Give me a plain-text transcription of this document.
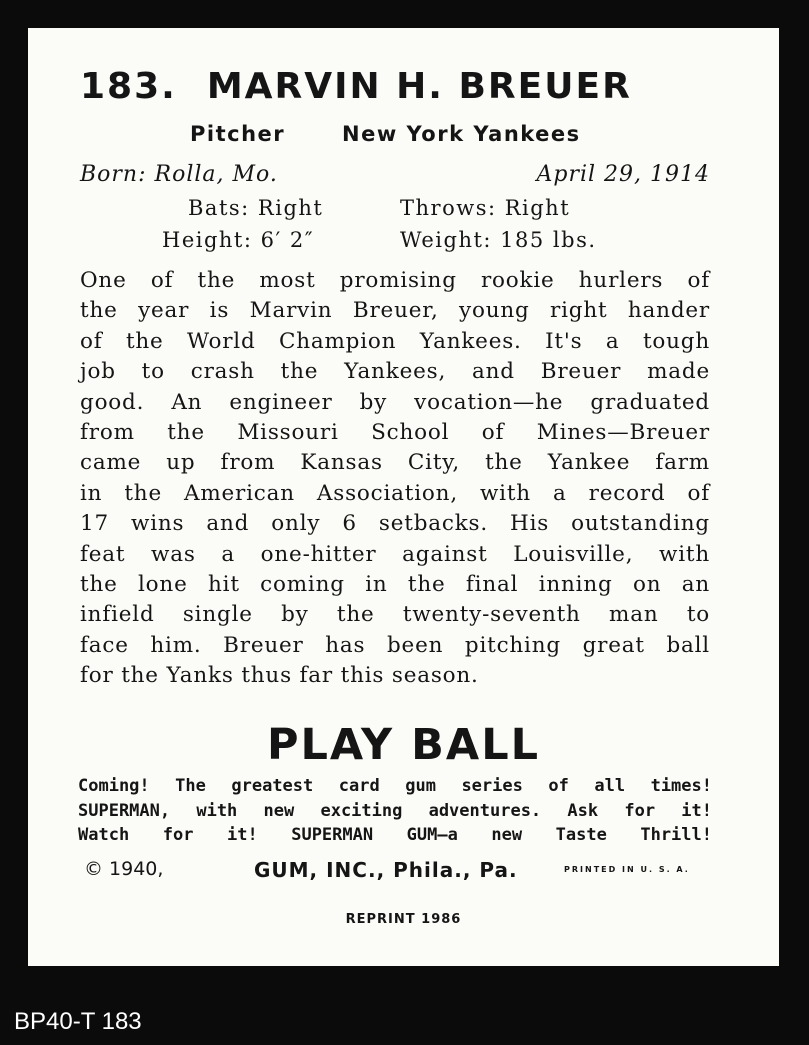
183. MARVIN H. BREUER
Pitcher	New York Yankees
Born: Rolla, Mo.	April 29, 1914
Bats: Right	Throws: Right
Height: 6′ 2″	Weight: 185 lbs.
One of the most promising rookie hurlers of
the year is Marvin Breuer, young right hander
of the World Champion Yankees. It's a tough
job to crash the Yankees, and Breuer made
good. An engineer by vocation—he graduated
from the Missouri School of Mines—Breuer
came up from Kansas City, the Yankee farm
in the American Association, with a record of
17 wins and only 6 setbacks. His outstanding
feat was a one-hitter against Louisville, with
the lone hit coming in the final inning on an
infield single by the twenty-seventh man to
face him. Breuer has been pitching great ball
for the Yanks thus far this season.
PLAY BALL
Coming! The greatest card gum series of all times!
SUPERMAN, with new exciting adventures. Ask for it!
Watch for it! SUPERMAN GUM—a new Taste Thrill!
© 1940,	GUM, INC., Phila., Pa.	PRINTED IN U. S. A.
REPRINT 1986
BP40-T 183
